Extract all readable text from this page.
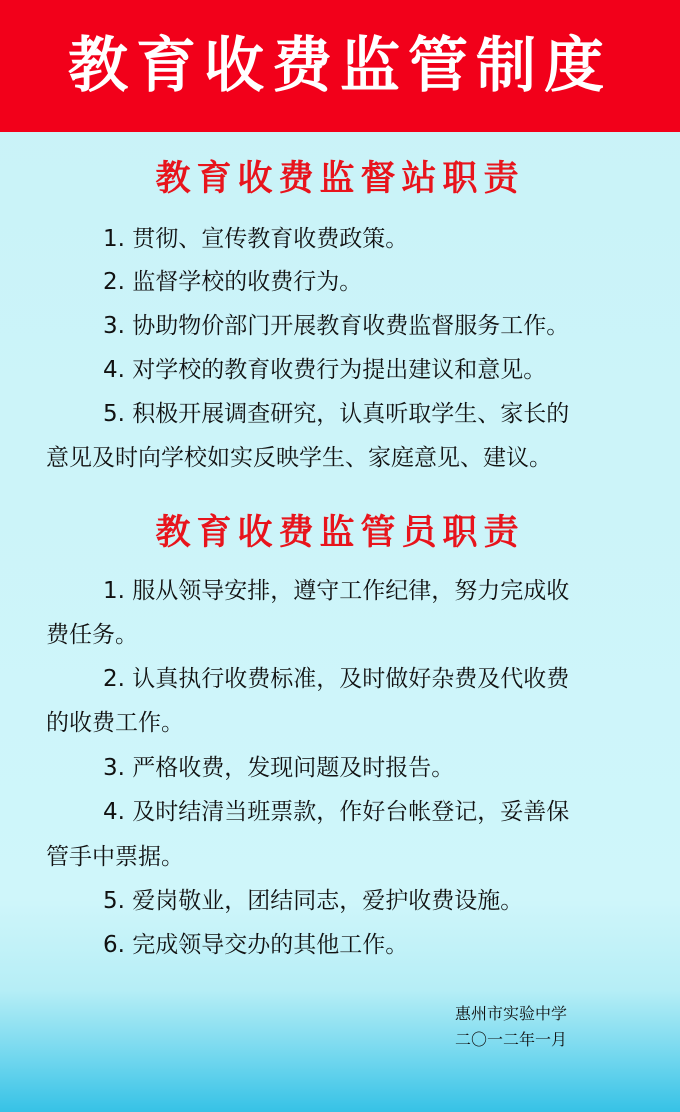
教育收费监管制度
教育收费监督站职责
1. 贯彻、宣传教育收费政策。
2. 监督学校的收费行为。
3. 协助物价部门开展教育收费监督服务工作。
4. 对学校的教育收费行为提出建议和意见。
5. 积极开展调查研究，认真听取学生、家长的
意见及时向学校如实反映学生、家庭意见、建议。
教育收费监管员职责
1. 服从领导安排，遵守工作纪律，努力完成收
费任务。
2. 认真执行收费标准，及时做好杂费及代收费
的收费工作。
3. 严格收费，发现问题及时报告。
4. 及时结清当班票款，作好台帐登记，妥善保
管手中票据。
5. 爱岗敬业，团结同志，爱护收费设施。
6. 完成领导交办的其他工作。
惠州市实验中学
二〇一二年一月
